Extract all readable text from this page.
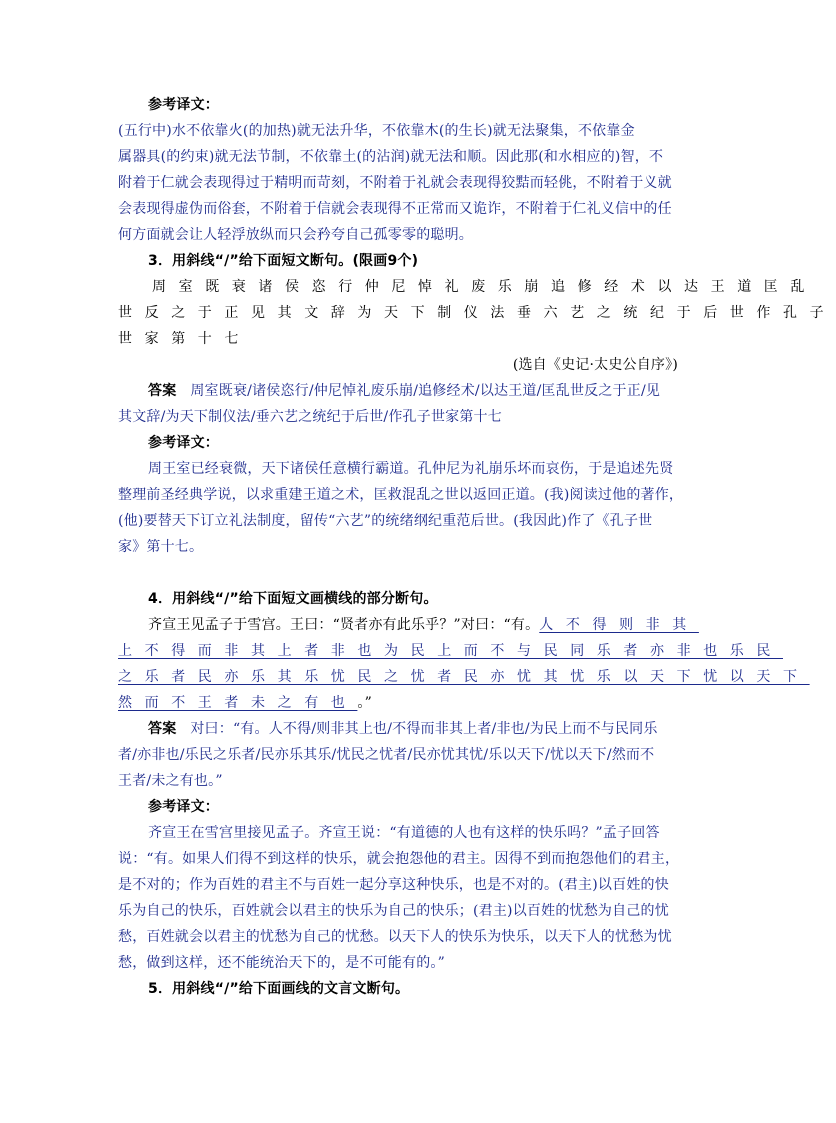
参考译文：
(五行中)水不依靠火(的加热)就无法升华，不依靠木(的生长)就无法聚集，不依靠金
属器具(的约束)就无法节制，不依靠土(的沾润)就无法和顺。因此那(和水相应的)智，不
附着于仁就会表现得过于精明而苛刻，不附着于礼就会表现得狡黠而轻佻，不附着于义就
会表现得虚伪而俗套，不附着于信就会表现得不正常而又诡诈，不附着于仁礼义信中的任
何方面就会让人轻浮放纵而只会矜夸自己孤零零的聪明。
3．用斜线“/”给下面短文断句。(限画9个)
周室既衰诸侯恣行仲尼悼礼废乐崩追修经术以达王道匡乱
世反之于正见其文辞为天下制仪法垂六艺之统纪于后世作孔子
世家第十七
(选自《史记·太史公自序》)
答案 周室既衰/诸侯恣行/仲尼悼礼废乐崩/追修经术/以达王道/匡乱世反之于正/见
其文辞/为天下制仪法/垂六艺之统纪于后世/作孔子世家第十七
参考译文：
周王室已经衰微，天下诸侯任意横行霸道。孔仲尼为礼崩乐坏而哀伤，于是追述先贤
整理前圣经典学说，以求重建王道之术，匡救混乱之世以返回正道。(我)阅读过他的著作，
(他)要替天下订立礼法制度，留传“六艺”的统绪纲纪重范后世。(我因此)作了《孔子世
家》第十七。
4．用斜线“/”给下面短文画横线的部分断句。
齐宣王见孟子于雪宫。王曰：“贤者亦有此乐乎？”对曰：“有。人不得则非其
上不得而非其上者非也为民上而不与民同乐者亦非也乐民
之乐者民亦乐其乐忧民之忧者民亦忧其忧乐以天下忧以天下
然而不王者未之有也。”
答案 对曰：“有。人不得/则非其上也/不得而非其上者/非也/为民上而不与民同乐
者/亦非也/乐民之乐者/民亦乐其乐/忧民之忧者/民亦忧其忧/乐以天下/忧以天下/然而不
王者/未之有也。”
参考译文：
齐宣王在雪宫里接见孟子。齐宣王说：“有道德的人也有这样的快乐吗？”孟子回答
说：“有。如果人们得不到这样的快乐，就会抱怨他的君主。因得不到而抱怨他们的君主，
是不对的；作为百姓的君主不与百姓一起分享这种快乐，也是不对的。(君主)以百姓的快
乐为自己的快乐，百姓就会以君主的快乐为自己的快乐；(君主)以百姓的忧愁为自己的忧
愁，百姓就会以君主的忧愁为自己的忧愁。以天下人的快乐为快乐，以天下人的忧愁为忧
愁，做到这样，还不能统治天下的，是不可能有的。”
5．用斜线“/”给下面画线的文言文断句。
